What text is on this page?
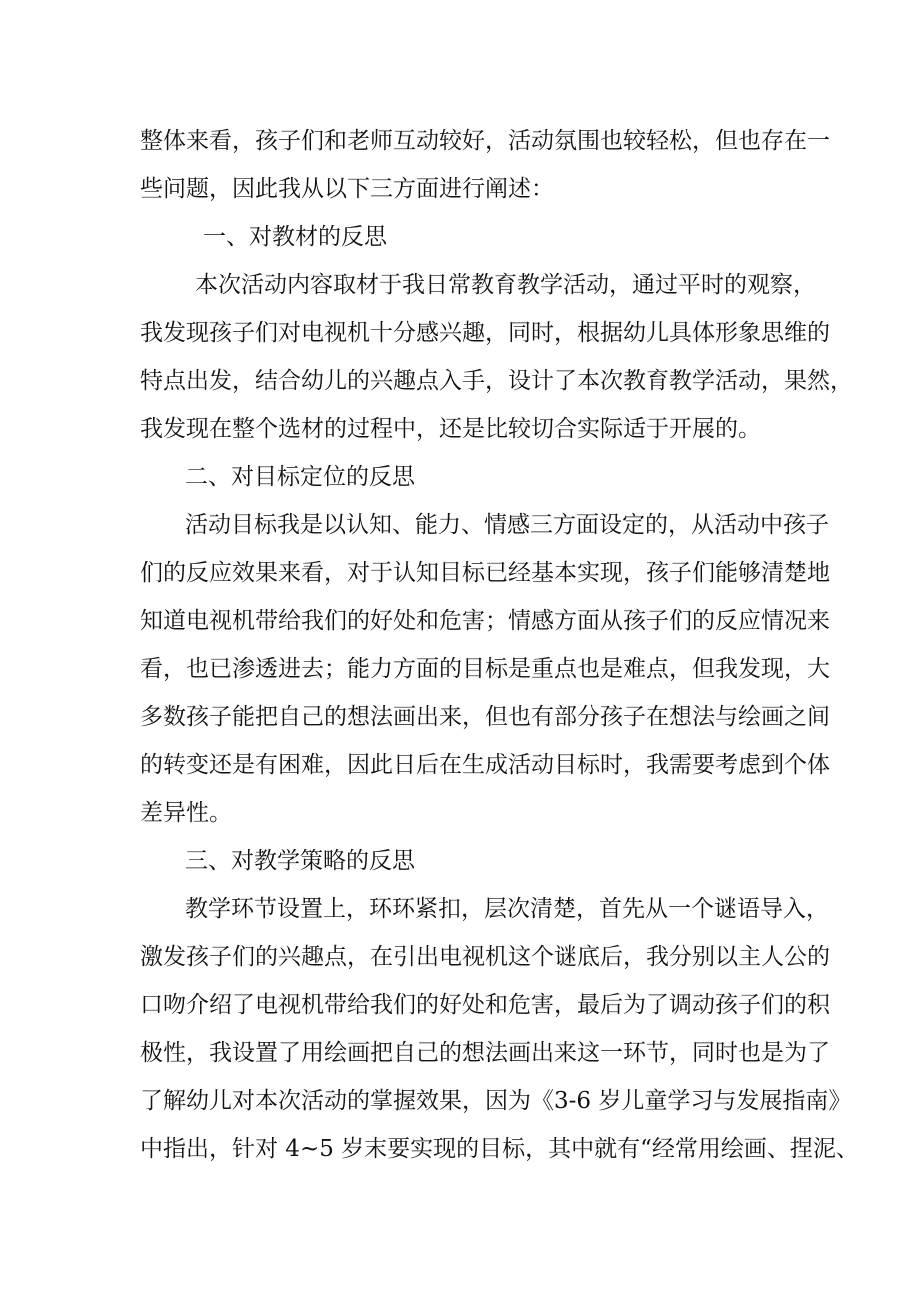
整体来看，孩子们和老师互动较好，活动氛围也较轻松，但也存在一
些问题，因此我从以下三方面进行阐述：
一、对教材的反思
本次活动内容取材于我日常教育教学活动，通过平时的观察，
我发现孩子们对电视机十分感兴趣，同时，根据幼儿具体形象思维的
特点出发，结合幼儿的兴趣点入手，设计了本次教育教学活动，果然，
我发现在整个选材的过程中，还是比较切合实际适于开展的。
二、对目标定位的反思
活动目标我是以认知、能力、情感三方面设定的，从活动中孩子
们的反应效果来看，对于认知目标已经基本实现，孩子们能够清楚地
知道电视机带给我们的好处和危害；情感方面从孩子们的反应情况来
看，也已渗透进去；能力方面的目标是重点也是难点，但我发现，大
多数孩子能把自己的想法画出来，但也有部分孩子在想法与绘画之间
的转变还是有困难，因此日后在生成活动目标时，我需要考虑到个体
差异性。
三、对教学策略的反思
教学环节设置上，环环紧扣，层次清楚，首先从一个谜语导入，
激发孩子们的兴趣点，在引出电视机这个谜底后，我分别以主人公的
口吻介绍了电视机带给我们的好处和危害，最后为了调动孩子们的积
极性，我设置了用绘画把自己的想法画出来这一环节，同时也是为了
了解幼儿对本次活动的掌握效果，因为《3-6 岁儿童学习与发展指南》
中指出，针对 4~5 岁末要实现的目标，其中就有“经常用绘画、捏泥、
